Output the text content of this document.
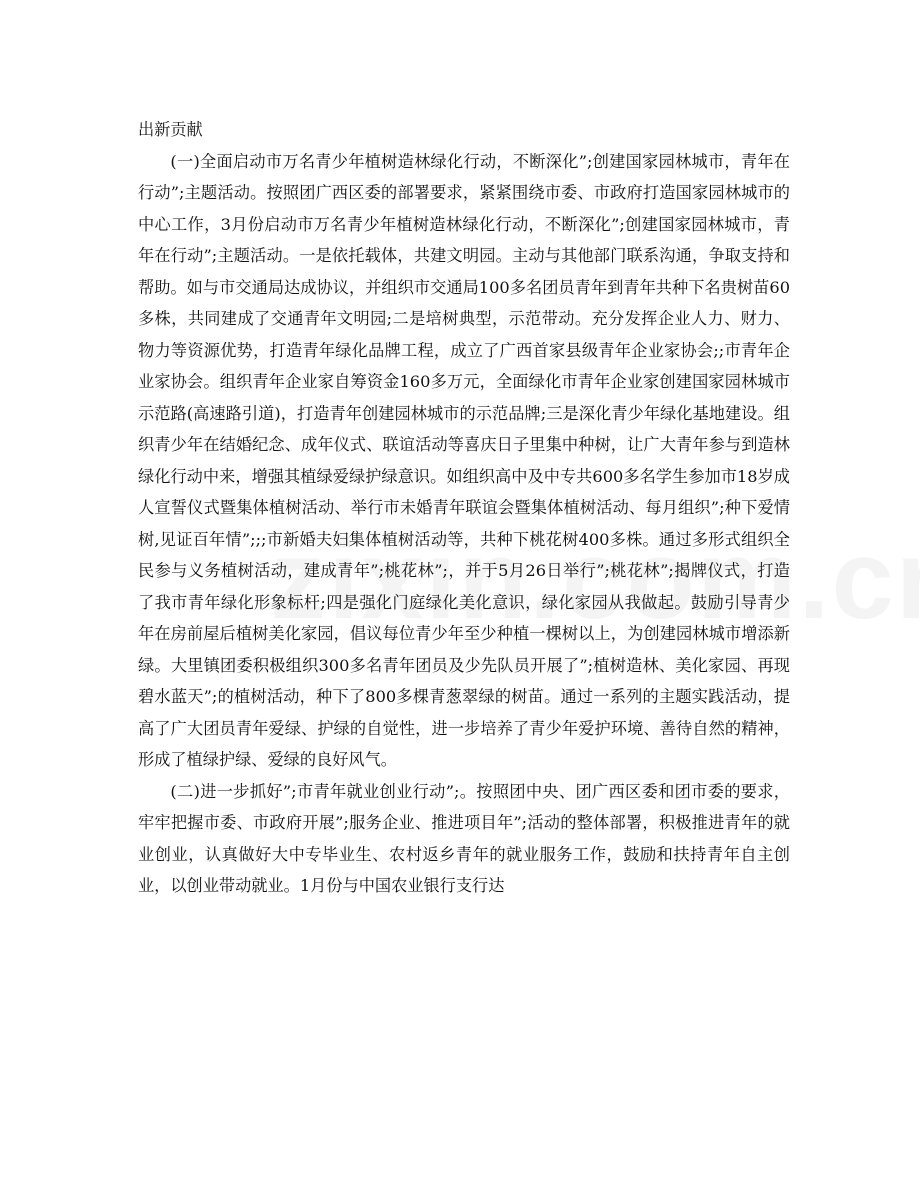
出新贡献

(一)全面启动市万名青少年植树造林绿化行动，不断深化”;创建国家园林城市，青年在行动”;主题活动。按照团广西区委的部署要求，紧紧围绕市委、市政府打造国家园林城市的中心工作，3月份启动市万名青少年植树造林绿化行动，不断深化”;创建国家园林城市，青年在行动”;主题活动。一是依托载体，共建文明园。主动与其他部门联系沟通，争取支持和帮助。如与市交通局达成协议，并组织市交通局100多名团员青年到青年共种下名贵树苗60多株，共同建成了交通青年文明园;二是培树典型，示范带动。充分发挥企业人力、财力、物力等资源优势，打造青年绿化品牌工程，成立了广西首家县级青年企业家协会;;市青年企业家协会。组织青年企业家自筹资金160多万元，全面绿化市青年企业家创建国家园林城市示范路(高速路引道)，打造青年创建园林城市的示范品牌;三是深化青少年绿化基地建设。组织青少年在结婚纪念、成年仪式、联谊活动等喜庆日子里集中种树，让广大青年参与到造林绿化行动中来，增强其植绿爱绿护绿意识。如组织高中及中专共600多名学生参加市18岁成人宣誓仪式暨集体植树活动、举行市未婚青年联谊会暨集体植树活动、每月组织”;种下爱情树,见证百年情”;;;市新婚夫妇集体植树活动等，共种下桃花树400多株。通过多形式组织全民参与义务植树活动，建成青年”;桃花林”;，并于5月26日举行”;桃花林”;揭牌仪式，打造了我市青年绿化形象标杆;四是强化门庭绿化美化意识，绿化家园从我做起。鼓励引导青少年在房前屋后植树美化家园，倡议每位青少年至少种植一棵树以上，为创建园林城市增添新绿。大里镇团委积极组织300多名青年团员及少先队员开展了”;植树造林、美化家园、再现碧水蓝天”;的植树活动，种下了800多棵青葱翠绿的树苗。通过一系列的主题实践活动，提高了广大团员青年爱绿、护绿的自觉性，进一步培养了青少年爱护环境、善待自然的精神，形成了植绿护绿、爱绿的良好风气。

(二)进一步抓好”;市青年就业创业行动”;。按照团中央、团广西区委和团市委的要求，牢牢把握市委、市政府开展”;服务企业、推进项目年”;活动的整体部署，积极推进青年的就业创业，认真做好大中专毕业生、农村返乡青年的就业服务工作，鼓励和扶持青年自主创业，以创业带动就业。1月份与中国农业银行支行达
